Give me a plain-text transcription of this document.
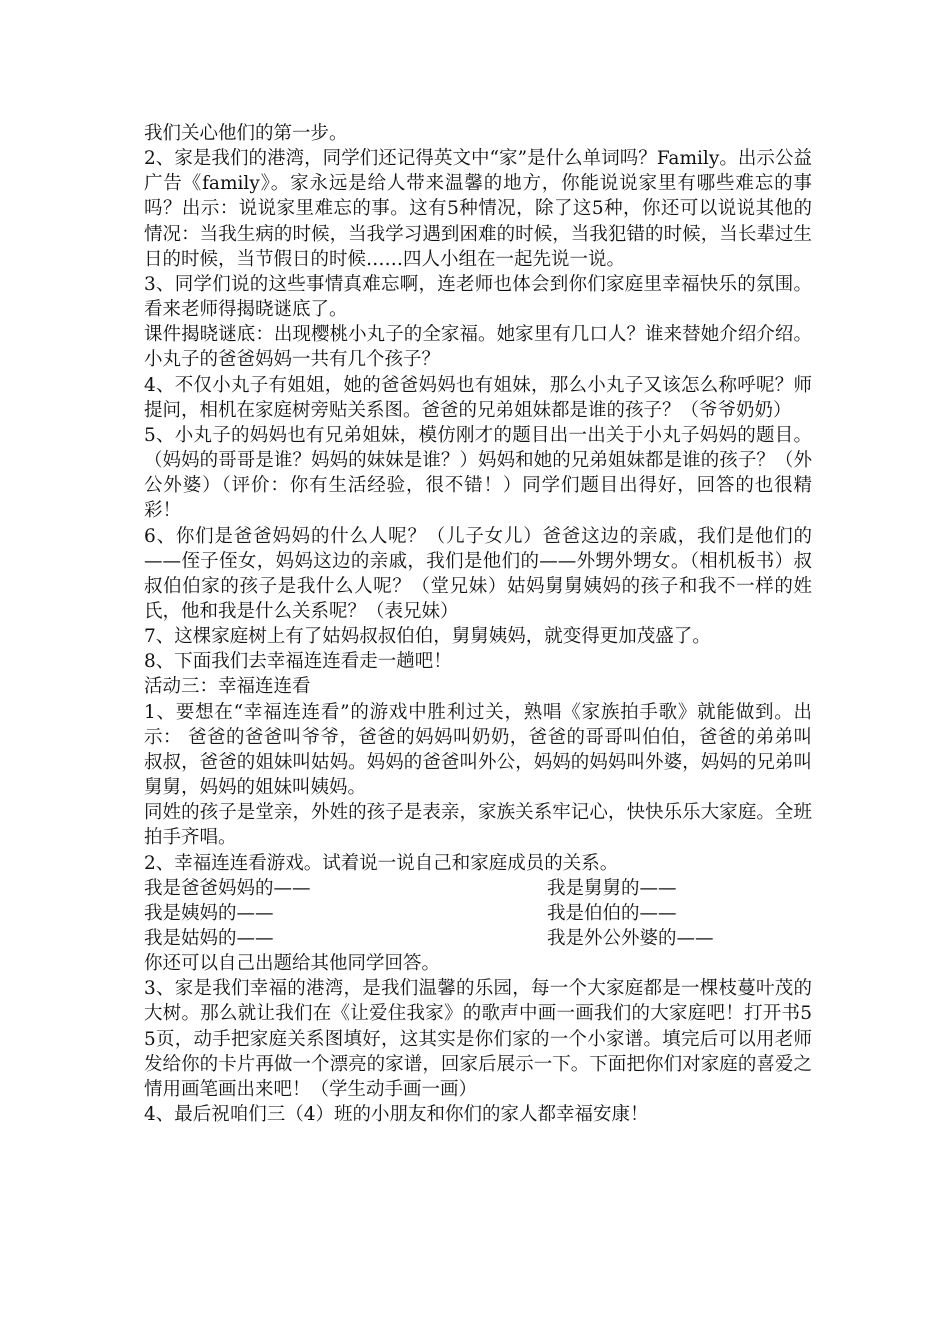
我们关心他们的第一步。

2、家是我们的港湾，同学们还记得英文中“家”是什么单词吗？Family。出示公益广告《family》。家永远是给人带来温馨的地方，你能说说家里有哪些难忘的事吗？出示：说说家里难忘的事。这有5种情况，除了这5种，你还可以说说其他的情况：当我生病的时候，当我学习遇到困难的时候，当我犯错的时候，当长辈过生日的时候，当节假日的时候……四人小组在一起先说一说。

3、同学们说的这些事情真难忘啊，连老师也体会到你们家庭里幸福快乐的氛围。看来老师得揭晓谜底了。

课件揭晓谜底：出现樱桃小丸子的全家福。她家里有几口人？谁来替她介绍介绍。小丸子的爸爸妈妈一共有几个孩子？

4、不仅小丸子有姐姐，她的爸爸妈妈也有姐妹，那么小丸子又该怎么称呼呢？师提问，相机在家庭树旁贴关系图。爸爸的兄弟姐妹都是谁的孩子？（爷爷奶奶）

5、小丸子的妈妈也有兄弟姐妹，模仿刚才的题目出一出关于小丸子妈妈的题目。（妈妈的哥哥是谁？妈妈的妹妹是谁？）妈妈和她的兄弟姐妹都是谁的孩子？（外公外婆）（评价：你有生活经验，很不错！）同学们题目出得好，回答的也很精彩！

6、你们是爸爸妈妈的什么人呢？（儿子女儿）爸爸这边的亲戚，我们是他们的——侄子侄女，妈妈这边的亲戚，我们是他们的——外甥外甥女。（相机板书）叔叔伯伯家的孩子是我什么人呢？（堂兄妹）姑妈舅舅姨妈的孩子和我不一样的姓氏，他和我是什么关系呢？（表兄妹）

7、这棵家庭树上有了姑妈叔叔伯伯，舅舅姨妈，就变得更加茂盛了。

8、下面我们去幸福连连看走一趟吧！

活动三：幸福连连看

1、要想在“幸福连连看”的游戏中胜利过关，熟唱《家族拍手歌》就能做到。出示： 爸爸的爸爸叫爷爷，爸爸的妈妈叫奶奶，爸爸的哥哥叫伯伯，爸爸的弟弟叫叔叔，爸爸的姐妹叫姑妈。妈妈的爸爸叫外公，妈妈的妈妈叫外婆，妈妈的兄弟叫舅舅，妈妈的姐妹叫姨妈。

同姓的孩子是堂亲，外姓的孩子是表亲，家族关系牢记心，快快乐乐大家庭。全班拍手齐唱。

2、幸福连连看游戏。试着说一说自己和家庭成员的关系。

我是爸爸妈妈的——	我是舅舅的——
我是姨妈的——	我是伯伯的——
我是姑妈的——	我是外公外婆的——

你还可以自己出题给其他同学回答。

3、家是我们幸福的港湾，是我们温馨的乐园，每一个大家庭都是一棵枝蔓叶茂的大树。那么就让我们在《让爱住我家》的歌声中画一画我们的大家庭吧！打开书55页，动手把家庭关系图填好，这其实是你们家的一个小家谱。填完后可以用老师发给你的卡片再做一个漂亮的家谱，回家后展示一下。下面把你们对家庭的喜爱之情用画笔画出来吧！（学生动手画一画）

4、最后祝咱们三（4）班的小朋友和你们的家人都幸福安康！
